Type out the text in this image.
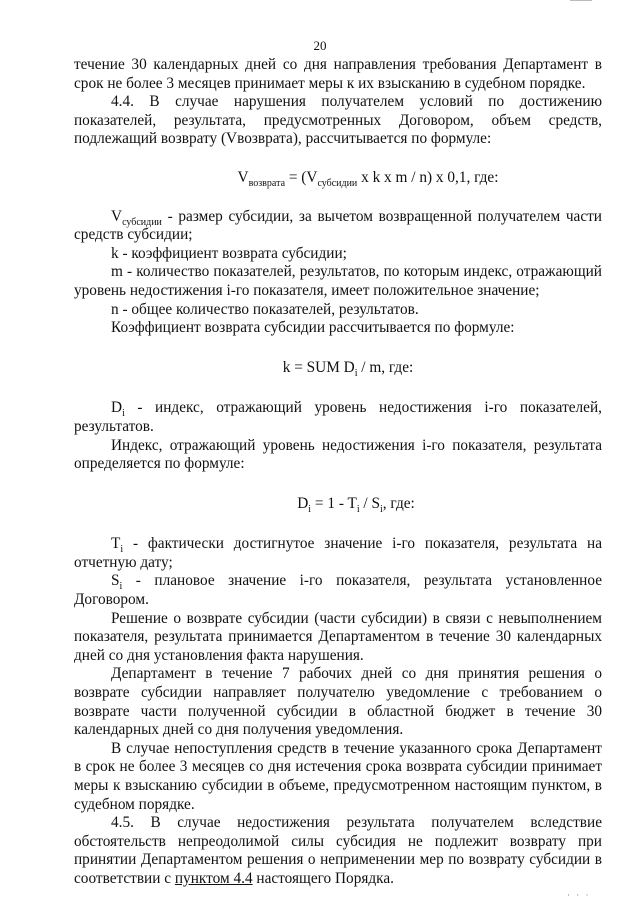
20

течение 30 календарных дней со дня направления требования Департамент в срок не более 3 месяцев принимает меры к их взысканию в судебном порядке.

4.4. В случае нарушения получателем условий по достижению показателей, результата, предусмотренных Договором, объем средств, подлежащий возврату (Vвозврата), рассчитывается по формуле:

$V_{возврата} = (V_{субсидии}$ x k x m / n) x 0,1, где:

$V_{субсидии}$ - размер субсидии, за вычетом возвращенной получателем части средств субсидии;

k - коэффициент возврата субсидии;

m - количество показателей, результатов, по которым индекс, отражающий уровень недостижения i-го показателя, имеет положительное значение;

n - общее количество показателей, результатов.

Коэффициент возврата субсидии рассчитывается по формуле:

k = SUM $D_i$ / m, где:

$D_i$ - индекс, отражающий уровень недостижения i-го показателей, результатов.

Индекс, отражающий уровень недостижения i-го показателя, результата определяется по формуле:

$D_i = 1 - T_i / S_i$, где:

$T_i$ - фактически достигнутое значение i-го показателя, результата на отчетную дату;

$S_i$ - плановое значение i-го показателя, результата установленное Договором.

Решение о возврате субсидии (части субсидии) в связи с невыполнением показателя, результата принимается Департаментом в течение 30 календарных дней со дня установления факта нарушения.

Департамент в течение 7 рабочих дней со дня принятия решения о возврате субсидии направляет получателю уведомление с требованием о возврате части полученной субсидии в областной бюджет в течение 30 календарных дней со дня получения уведомления.

В случае непоступления средств в течение указанного срока Департамент в срок не более 3 месяцев со дня истечения срока возврата субсидии принимает меры к взысканию субсидии в объеме, предусмотренном настоящим пунктом, в судебном порядке.

4.5. В случае недостижения результата получателем вследствие обстоятельств непреодолимой силы субсидия не подлежит возврату при принятии Департаментом решения о неприменении мер по возврату субсидии в соответствии с пунктом 4.4 настоящего Порядка.

· · ·
